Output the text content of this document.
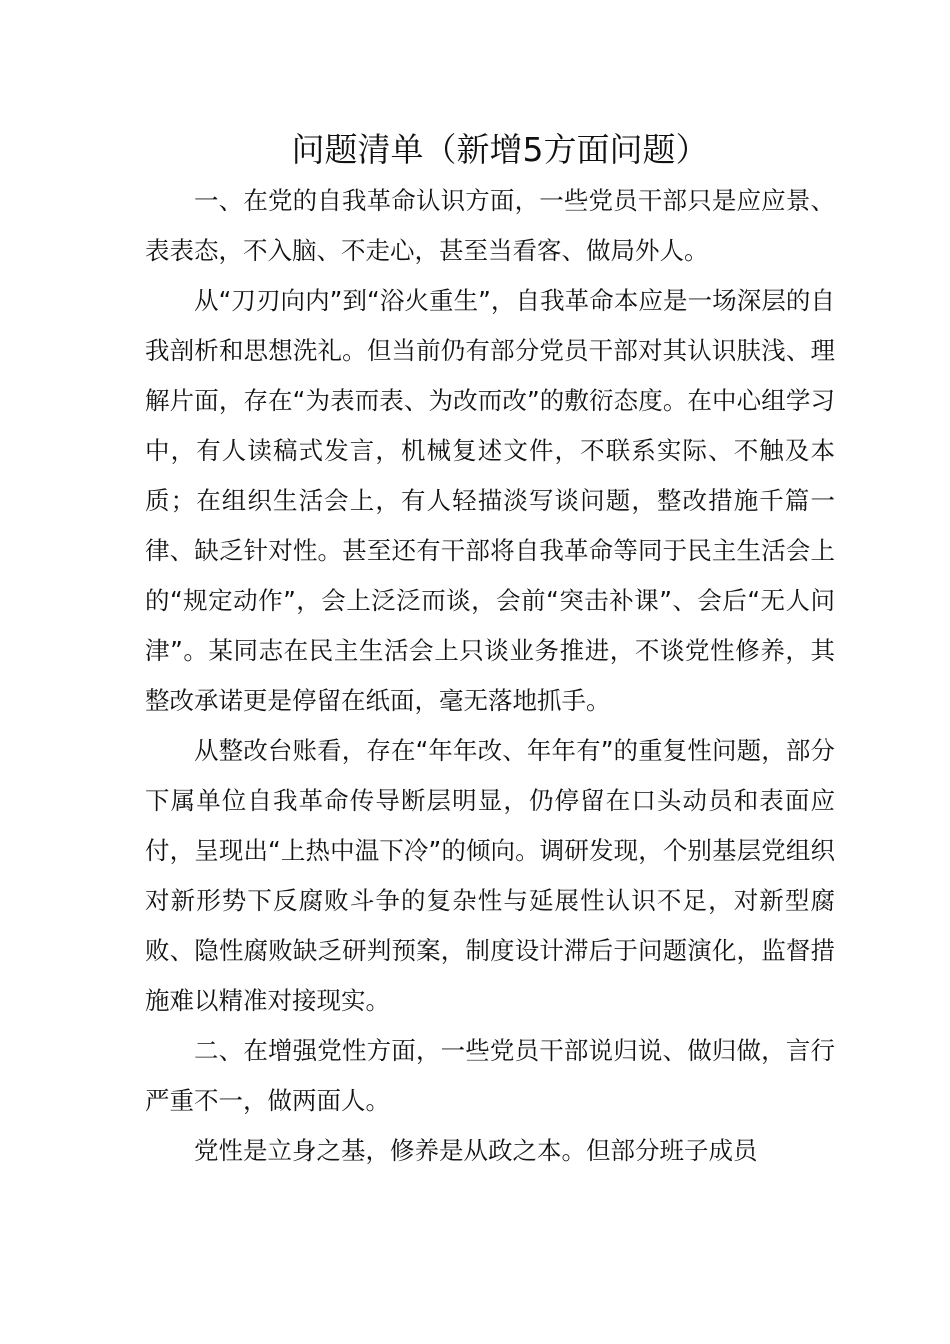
问题清单（新增5方面问题）

一、在党的自我革命认识方面，一些党员干部只是应应景、表表态，不入脑、不走心，甚至当看客、做局外人。

从“刀刃向内”到“浴火重生”，自我革命本应是一场深层的自我剖析和思想洗礼。但当前仍有部分党员干部对其认识肤浅、理解片面，存在“为表而表、为改而改”的敷衍态度。在中心组学习中，有人读稿式发言，机械复述文件，不联系实际、不触及本质；在组织生活会上，有人轻描淡写谈问题，整改措施千篇一律、缺乏针对性。甚至还有干部将自我革命等同于民主生活会上的“规定动作”，会上泛泛而谈，会前“突击补课”、会后“无人问津”。某同志在民主生活会上只谈业务推进，不谈党性修养，其整改承诺更是停留在纸面，毫无落地抓手。

从整改台账看，存在“年年改、年年有”的重复性问题，部分下属单位自我革命传导断层明显，仍停留在口头动员和表面应付，呈现出“上热中温下冷”的倾向。调研发现，个别基层党组织对新形势下反腐败斗争的复杂性与延展性认识不足，对新型腐败、隐性腐败缺乏研判预案，制度设计滞后于问题演化，监督措施难以精准对接现实。

二、在增强党性方面，一些党员干部说归说、做归做，言行严重不一，做两面人。

党性是立身之基，修养是从政之本。但部分班子成员
